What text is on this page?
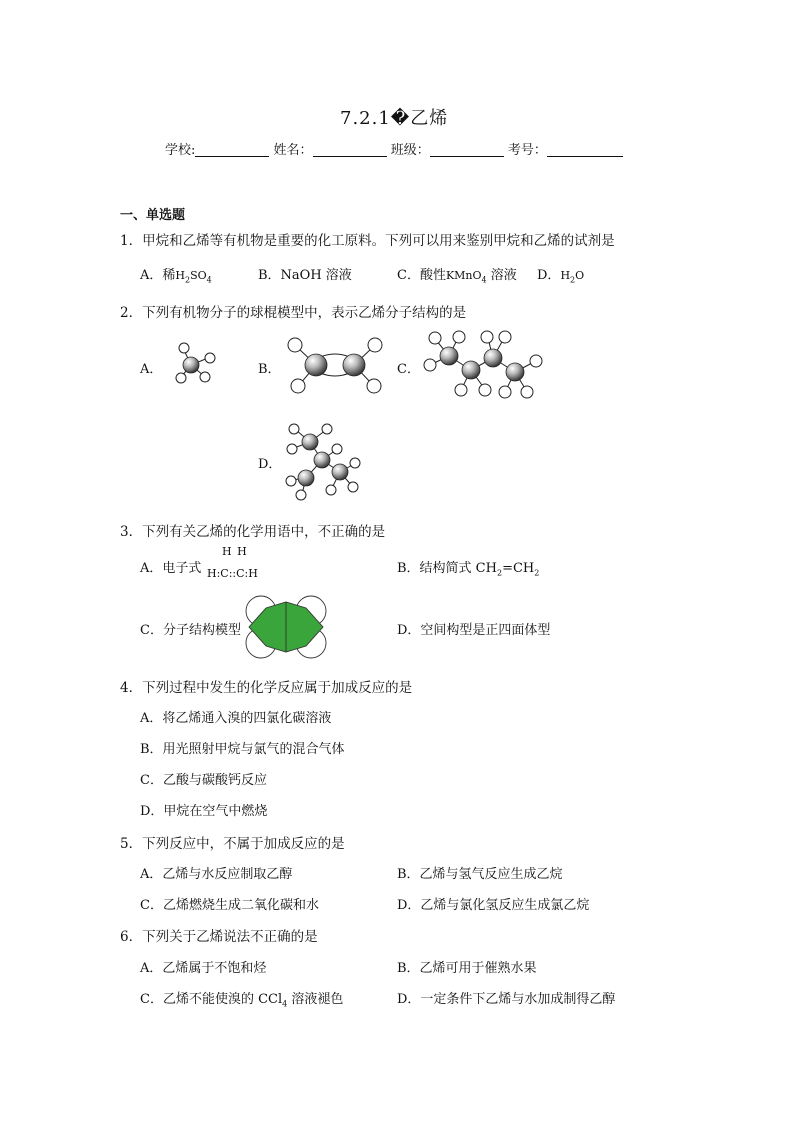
7.2.1�乙烯
学校:	姓名：	班级：	考号：
一、单选题
1．甲烷和乙烯等有机物是重要的化工原料。下列可以用来鉴别甲烷和乙烯的试剂是
A．稀$H_2SO_4$	B．NaOH 溶液	C．酸性KMnO$_4$ 溶液 D．$H_2O$
2．下列有机物分子的球棍模型中，表示乙烯分子结构的是
A．	B．	C．
D．
3．下列有关乙烯的化学用语中，不正确的是
A．电子式
H H
H:C::C:H	B．结构简式 $CH_2=CH_2$
C．分子结构模型	D．空间构型是正四面体型
4．下列过程中发生的化学反应属于加成反应的是
A．将乙烯通入溴的四氯化碳溶液
B．用光照射甲烷与氯气的混合气体
C．乙酸与碳酸钙反应
D．甲烷在空气中燃烧
5．下列反应中，不属于加成反应的是
A．乙烯与水反应制取乙醇	B．乙烯与氢气反应生成乙烷
C．乙烯燃烧生成二氧化碳和水	D．乙烯与氯化氢反应生成氯乙烷
6．下列关于乙烯说法不正确的是
A．乙烯属于不饱和烃	B．乙烯可用于催熟水果
C．乙烯不能使溴的 CCl$_4$ 溶液褪色	D．一定条件下乙烯与水加成制得乙醇
